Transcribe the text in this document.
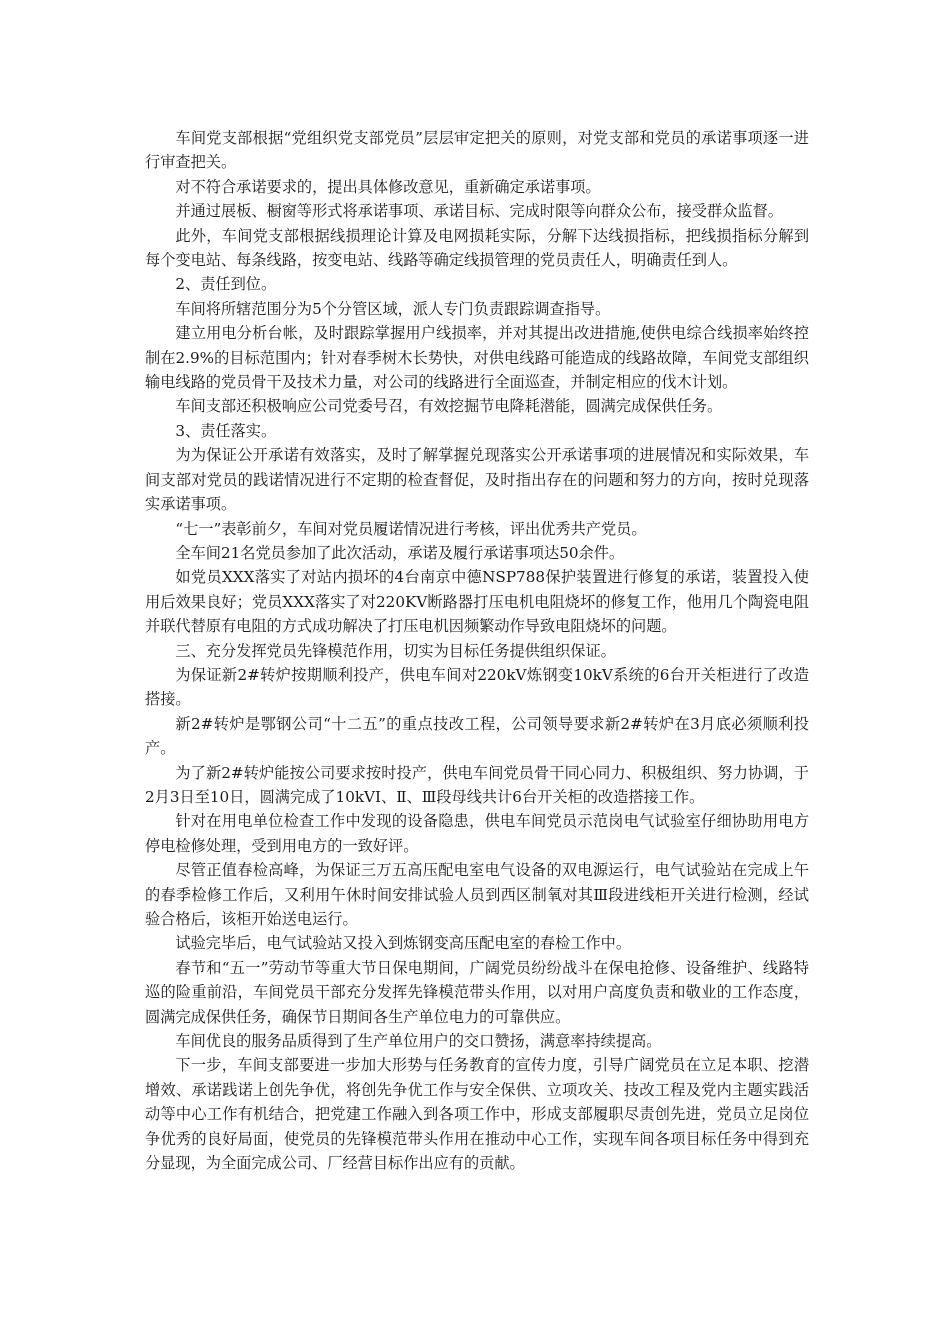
车间党支部根据“党组织党支部党员”层层审定把关的原则，对党支部和党员的承诺事项逐一进行审查把关。

对不符合承诺要求的，提出具体修改意见，重新确定承诺事项。

并通过展板、橱窗等形式将承诺事项、承诺目标、完成时限等向群众公布，接受群众监督。

此外，车间党支部根据线损理论计算及电网损耗实际，分解下达线损指标，把线损指标分解到每个变电站、每条线路，按变电站、线路等确定线损管理的党员责任人，明确责任到人。

2、责任到位。

车间将所辖范围分为5个分管区域，派人专门负责跟踪调查指导。

建立用电分析台帐，及时跟踪掌握用户线损率，并对其提出改进措施,使供电综合线损率始终控制在2.9%的目标范围内；针对春季树木长势快，对供电线路可能造成的线路故障，车间党支部组织输电线路的党员骨干及技术力量，对公司的线路进行全面巡查，并制定相应的伐木计划。

车间支部还积极响应公司党委号召，有效挖掘节电降耗潜能，圆满完成保供任务。

3、责任落实。

为为保证公开承诺有效落实，及时了解掌握兑现落实公开承诺事项的进展情况和实际效果，车间支部对党员的践诺情况进行不定期的检查督促，及时指出存在的问题和努力的方向，按时兑现落实承诺事项。

“七一”表彰前夕，车间对党员履诺情况进行考核，评出优秀共产党员。

全车间21名党员参加了此次活动，承诺及履行承诺事项达50余件。

如党员XXX落实了对站内损坏的4台南京中德NSP788保护装置进行修复的承诺，装置投入使用后效果良好；党员XXX落实了对220KV断路器打压电机电阻烧坏的修复工作，他用几个陶瓷电阻并联代替原有电阻的方式成功解决了打压电机因频繁动作导致电阻烧坏的问题。

三、充分发挥党员先锋模范作用，切实为目标任务提供组织保证。

为保证新2#转炉按期顺利投产，供电车间对220kV炼钢变10kV系统的6台开关柜进行了改造搭接。

新2#转炉是鄂钢公司“十二五”的重点技改工程，公司领导要求新2#转炉在3月底必须顺利投产。

为了新2#转炉能按公司要求按时投产，供电车间党员骨干同心同力、积极组织、努力协调，于2月3日至10日，圆满完成了10kVⅠ、Ⅱ、Ⅲ段母线共计6台开关柜的改造搭接工作。

针对在用电单位检查工作中发现的设备隐患，供电车间党员示范岗电气试验室仔细协助用电方停电检修处理，受到用电方的一致好评。

尽管正值春检高峰，为保证三万五高压配电室电气设备的双电源运行，电气试验站在完成上午的春季检修工作后，又利用午休时间安排试验人员到西区制氧对其Ⅲ段进线柜开关进行检测，经试验合格后，该柜开始送电运行。

试验完毕后，电气试验站又投入到炼钢变高压配电室的春检工作中。

春节和“五一”劳动节等重大节日保电期间，广阔党员纷纷战斗在保电抢修、设备维护、线路特巡的险重前沿，车间党员干部充分发挥先锋模范带头作用，以对用户高度负责和敬业的工作态度，圆满完成保供任务，确保节日期间各生产单位电力的可靠供应。

车间优良的服务品质得到了生产单位用户的交口赞扬，满意率持续提高。

下一步，车间支部要进一步加大形势与任务教育的宣传力度，引导广阔党员在立足本职、挖潜增效、承诺践诺上创先争优，将创先争优工作与安全保供、立项攻关、技改工程及党内主题实践活动等中心工作有机结合，把党建工作融入到各项工作中，形成支部履职尽责创先进，党员立足岗位争优秀的良好局面，使党员的先锋模范带头作用在推动中心工作，实现车间各项目标任务中得到充分显现，为全面完成公司、厂经营目标作出应有的贡献。
